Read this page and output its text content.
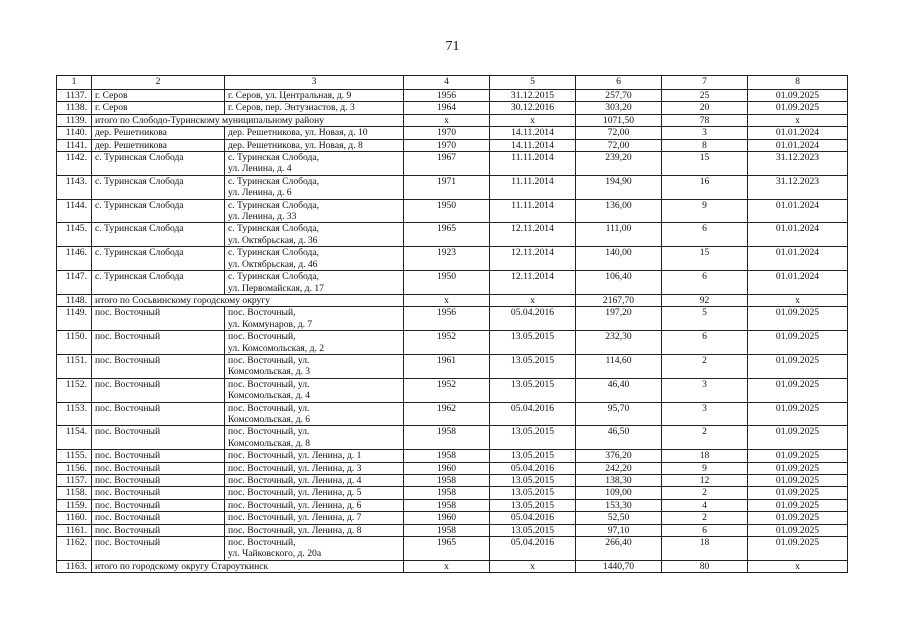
71
1	2	3	4	5	6	7	8
1137.	г. Серов	г. Серов, ул. Центральная, д. 9	1956	31.12.2015	257,70	25	01.09.2025
1138.	г. Серов	г. Серов, пер. Энтузиастов, д. 3	1964	30.12.2016	303,20	20	01.09.2025
1139.	итого по Слободо-Туринскому муниципальному району		х	х	1071,50	78	х
1140.	дер. Решетникова	дер. Решетникова, ул. Новая, д. 10	1970	14.11.2014	72,00	3	01.01.2024
1141.	дер. Решетникова	дер. Решетникова, ул. Новая, д. 8	1970	14.11.2014	72,00	8	01.01.2024
1142.	с. Туринская Слобода	с. Туринская Слобода,
ул. Ленина, д. 4	1967	11.11.2014	239,20	15	31.12.2023
1143.	с. Туринская Слобода	с. Туринская Слобода,
ул. Ленина, д. 6	1971	11.11.2014	194,90	16	31.12.2023
1144.	с. Туринская Слобода	с. Туринская Слобода,
ул. Ленина, д. 33	1950	11.11.2014	136,00	9	01.01.2024
1145.	с. Туринская Слобода	с. Туринская Слобода,
ул. Октябрьская, д. 36	1965	12.11.2014	111,00	6	01.01.2024
1146.	с. Туринская Слобода	с. Туринская Слобода,
ул. Октябрьская, д. 46	1923	12.11.2014	140,00	15	01.01.2024
1147.	с. Туринская Слобода	с. Туринская Слобода,
ул. Первомайская, д. 17	1950	12.11.2014	106,40	6	01.01.2024
1148.	итого по Сосьвинскому городскому округу		х	х	2167,70	92	х
1149.	пос. Восточный	пос. Восточный,
ул. Коммунаров, д. 7	1956	05.04.2016	197,20	5	01.09.2025
1150.	пос. Восточный	пос. Восточный,
ул. Комсомольская, д. 2	1952	13.05.2015	232,30	6	01.09.2025
1151.	пос. Восточный	пос. Восточный, ул.
Комсомольская, д. 3	1961	13.05.2015	114,60	2	01.09.2025
1152.	пос. Восточный	пос. Восточный, ул.
Комсомольская, д. 4	1952	13.05.2015	46,40	3	01.09.2025
1153.	пос. Восточный	пос. Восточный, ул.
Комсомольская, д. 6	1962	05.04.2016	95,70	3	01.09.2025
1154.	пос. Восточный	пос. Восточный, ул.
Комсомольская, д. 8	1958	13.05.2015	46,50	2	01.09.2025
1155.	пос. Восточный	пос. Восточный, ул. Ленина, д. 1	1958	13.05.2015	376,20	18	01.09.2025
1156.	пос. Восточный	пос. Восточный, ул. Ленина, д. 3	1960	05.04.2016	242,20	9	01.09.2025
1157.	пос. Восточный	пос. Восточный, ул. Ленина, д. 4	1958	13.05.2015	138,30	12	01.09.2025
1158.	пос. Восточный	пос. Восточный, ул. Ленина, д. 5	1958	13.05.2015	109,00	2	01.09.2025
1159.	пос. Восточный	пос. Восточный, ул. Ленина, д. 6	1958	13.05.2015	153,30	4	01.09.2025
1160.	пос. Восточный	пос. Восточный, ул. Ленина, д. 7	1960	05.04.2016	52,50	2	01.09.2025
1161.	пос. Восточный	пос. Восточный, ул. Ленина, д. 8	1958	13.05.2015	97,10	6	01.09.2025
1162.	пос. Восточный	пос. Восточный,
ул. Чайковского, д. 20а	1965	05.04.2016	266,40	18	01.09.2025
1163.	итого по городскому округу Староуткинск		х	х	1440,70	80	х
